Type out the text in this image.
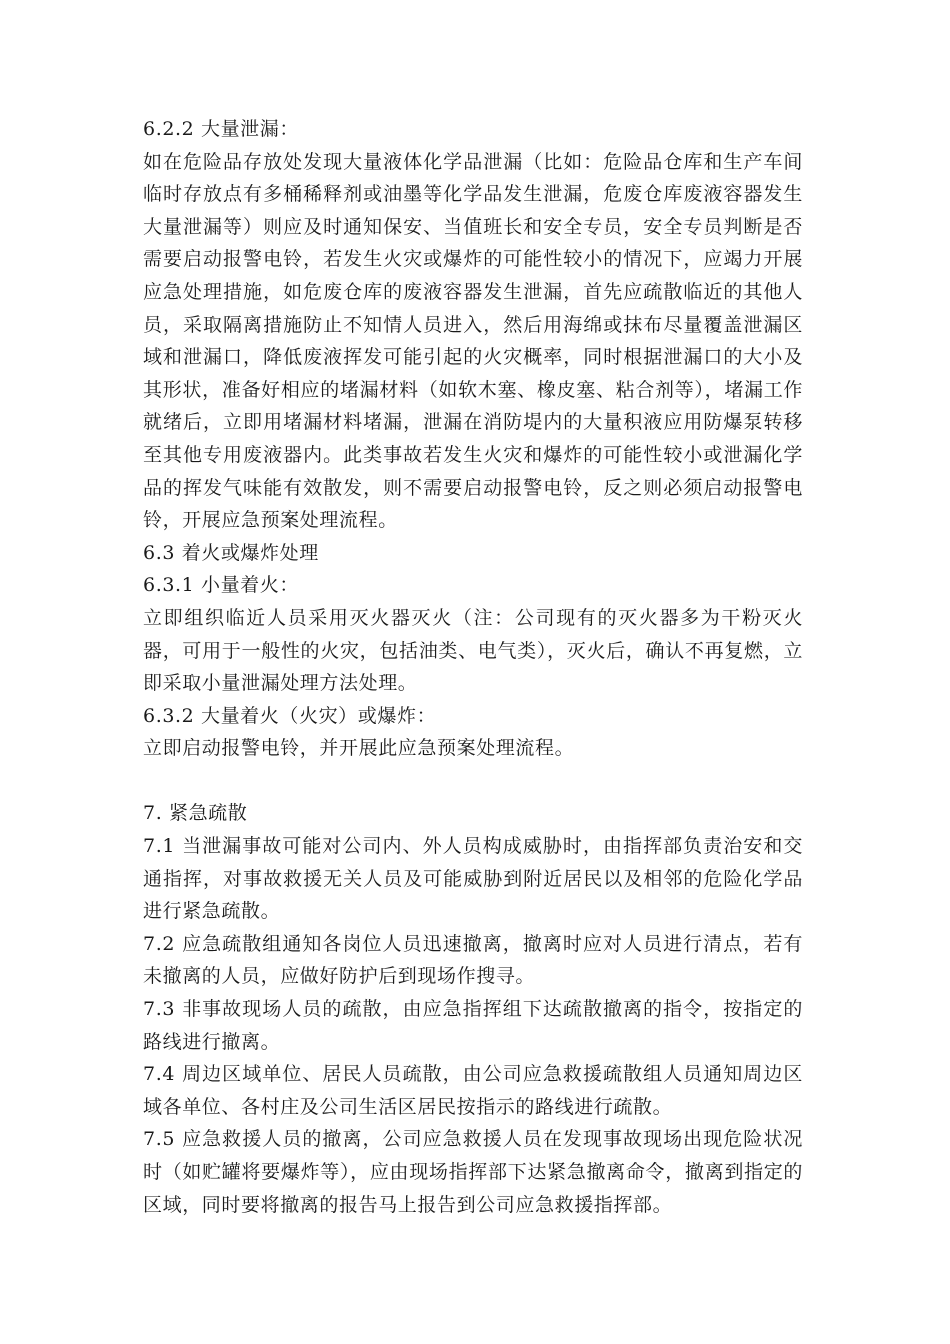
6.2.2 大量泄漏：

如在危险品存放处发现大量液体化学品泄漏（比如：危险品仓库和生产车间临时存放点有多桶稀释剂或油墨等化学品发生泄漏，危废仓库废液容器发生大量泄漏等）则应及时通知保安、当值班长和安全专员，安全专员判断是否需要启动报警电铃，若发生火灾或爆炸的可能性较小的情况下，应竭力开展应急处理措施，如危废仓库的废液容器发生泄漏，首先应疏散临近的其他人员，采取隔离措施防止不知情人员进入，然后用海绵或抹布尽量覆盖泄漏区域和泄漏口，降低废液挥发可能引起的火灾概率，同时根据泄漏口的大小及其形状，准备好相应的堵漏材料（如软木塞、橡皮塞、粘合剂等），堵漏工作就绪后，立即用堵漏材料堵漏，泄漏在消防堤内的大量积液应用防爆泵转移至其他专用废液器内。此类事故若发生火灾和爆炸的可能性较小或泄漏化学品的挥发气味能有效散发，则不需要启动报警电铃，反之则必须启动报警电铃，开展应急预案处理流程。

6.3 着火或爆炸处理

6.3.1 小量着火：

立即组织临近人员采用灭火器灭火（注：公司现有的灭火器多为干粉灭火器，可用于一般性的火灾，包括油类、电气类），灭火后，确认不再复燃，立即采取小量泄漏处理方法处理。

6.3.2 大量着火（火灾）或爆炸：

立即启动报警电铃，并开展此应急预案处理流程。

7. 紧急疏散

7.1 当泄漏事故可能对公司内、外人员构成威胁时，由指挥部负责治安和交通指挥，对事故救援无关人员及可能威胁到附近居民以及相邻的危险化学品进行紧急疏散。

7.2 应急疏散组通知各岗位人员迅速撤离，撤离时应对人员进行清点，若有未撤离的人员，应做好防护后到现场作搜寻。

7.3 非事故现场人员的疏散，由应急指挥组下达疏散撤离的指令，按指定的路线进行撤离。

7.4 周边区域单位、居民人员疏散，由公司应急救援疏散组人员通知周边区域各单位、各村庄及公司生活区居民按指示的路线进行疏散。

7.5 应急救援人员的撤离，公司应急救援人员在发现事故现场出现危险状况时（如贮罐将要爆炸等），应由现场指挥部下达紧急撤离命令，撤离到指定的区域，同时要将撤离的报告马上报告到公司应急救援指挥部。
